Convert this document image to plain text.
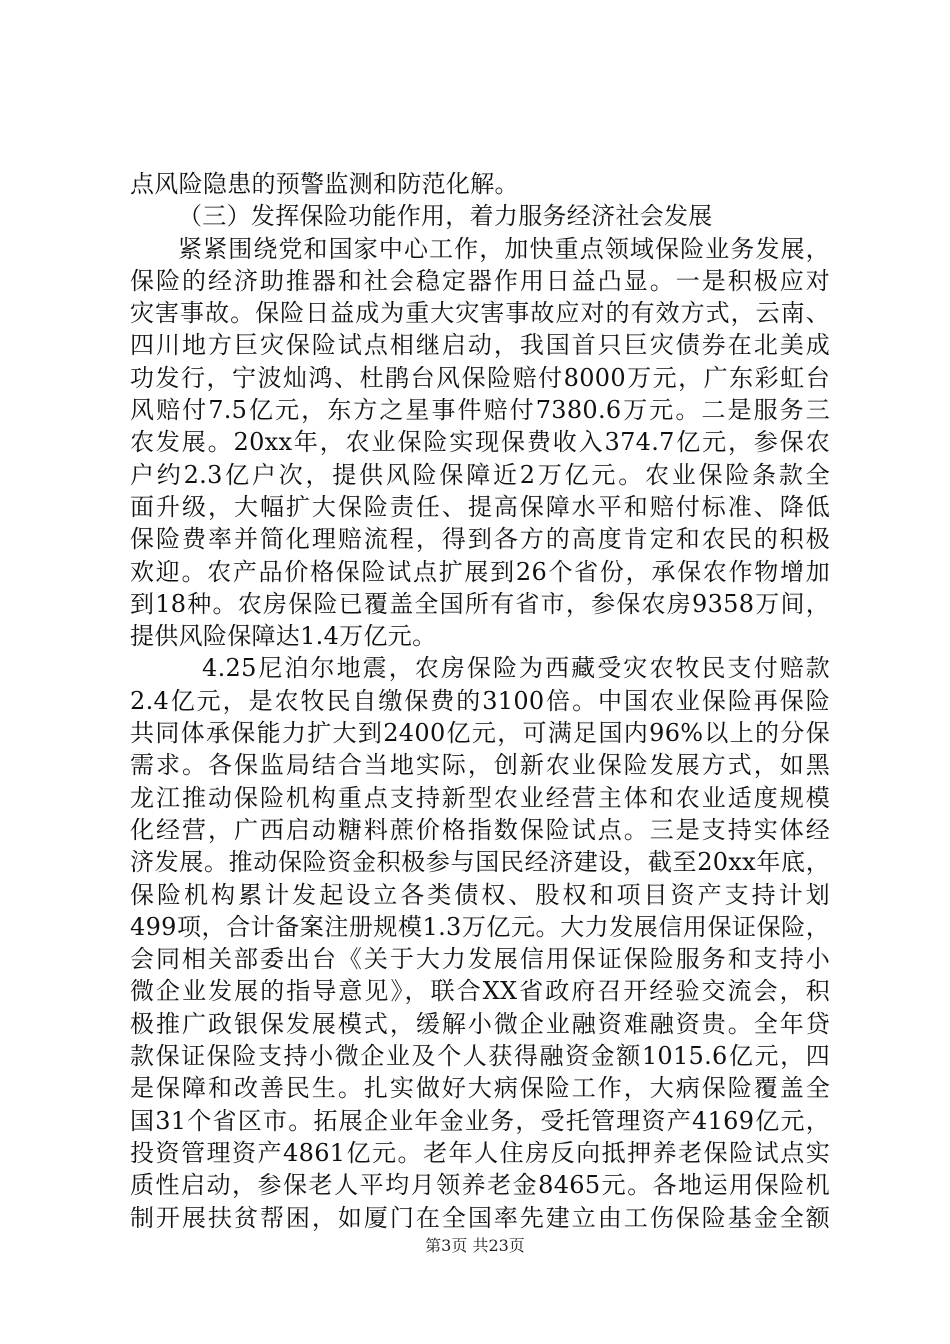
点风险隐患的预警监测和防范化解。
（三）发挥保险功能作用，着力服务经济社会发展
紧紧围绕党和国家中心工作，加快重点领域保险业务发展，
保险的经济助推器和社会稳定器作用日益凸显。一是积极应对
灾害事故。保险日益成为重大灾害事故应对的有效方式，云南、
四川地方巨灾保险试点相继启动，我国首只巨灾债券在北美成
功发行，宁波灿鸿、杜鹃台风保险赔付8000万元，广东彩虹台
风赔付7.5亿元，东方之星事件赔付7380.6万元。二是服务三
农发展。20xx年，农业保险实现保费收入374.7亿元，参保农
户约2.3亿户次，提供风险保障近2万亿元。农业保险条款全
面升级，大幅扩大保险责任、提高保障水平和赔付标准、降低
保险费率并简化理赔流程，得到各方的高度肯定和农民的积极
欢迎。农产品价格保险试点扩展到26个省份，承保农作物增加
到18种。农房保险已覆盖全国所有省市，参保农房9358万间，
提供风险保障达1.4万亿元。
4.25尼泊尔地震，农房保险为西藏受灾农牧民支付赔款
2.4亿元，是农牧民自缴保费的3100倍。中国农业保险再保险
共同体承保能力扩大到2400亿元，可满足国内96%以上的分保
需求。各保监局结合当地实际，创新农业保险发展方式，如黑
龙江推动保险机构重点支持新型农业经营主体和农业适度规模
化经营，广西启动糖料蔗价格指数保险试点。三是支持实体经
济发展。推动保险资金积极参与国民经济建设，截至20xx年底，
保险机构累计发起设立各类债权、股权和项目资产支持计划
499项，合计备案注册规模1.3万亿元。大力发展信用保证保险，
会同相关部委出台《关于大力发展信用保证保险服务和支持小
微企业发展的指导意见》，联合XX省政府召开经验交流会，积
极推广政银保发展模式，缓解小微企业融资难融资贵。全年贷
款保证保险支持小微企业及个人获得融资金额1015.6亿元，四
是保障和改善民生。扎实做好大病保险工作，大病保险覆盖全
国31个省区市。拓展企业年金业务，受托管理资产4169亿元，
投资管理资产4861亿元。老年人住房反向抵押养老保险试点实
质性启动，参保老人平均月领养老金8465元。各地运用保险机
制开展扶贫帮困，如厦门在全国率先建立由工伤保险基金全额
第3页 共23页
